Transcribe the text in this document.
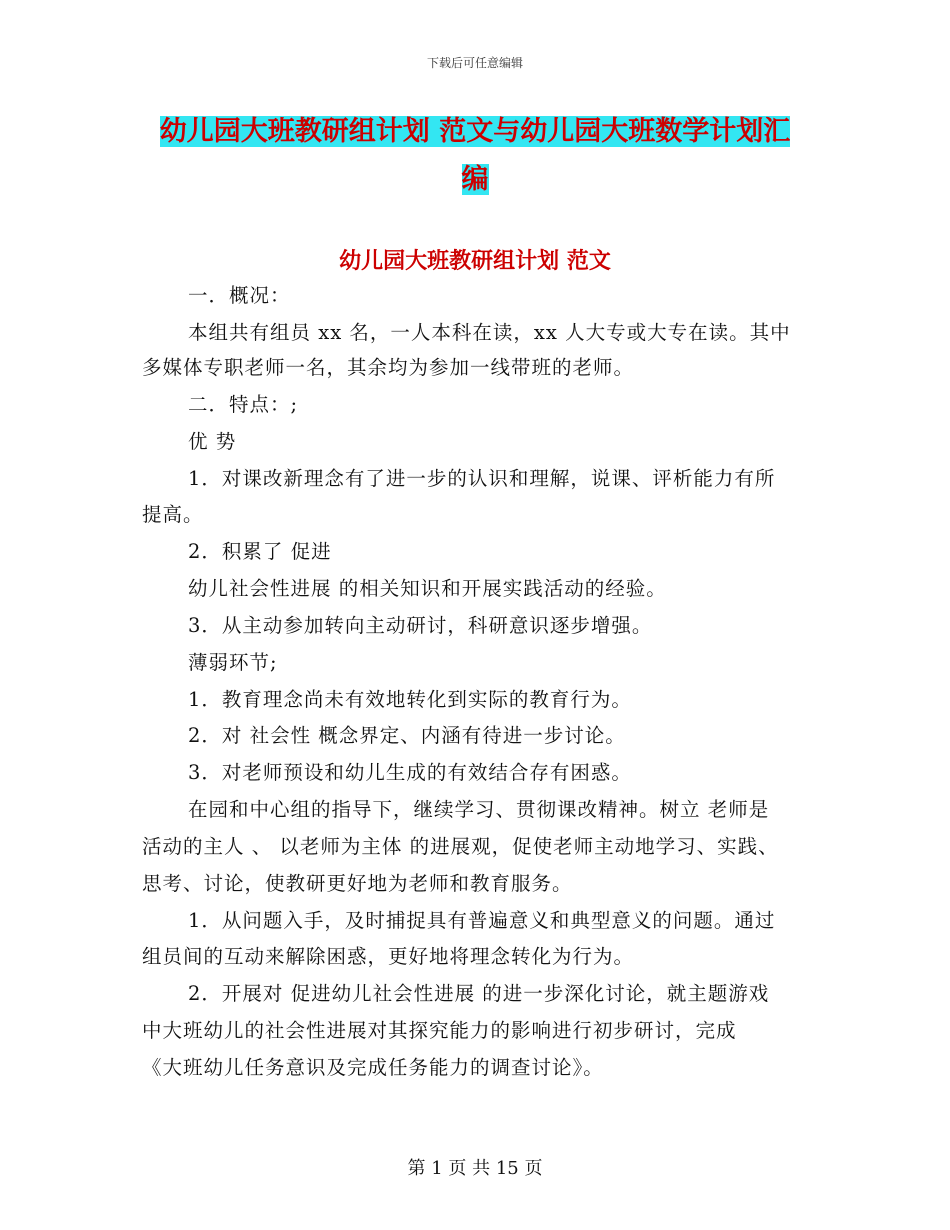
下载后可任意编辑
幼儿园大班教研组计划 范文与幼儿园大班数学计划汇
编
幼儿园大班教研组计划 范文
一．概况：
本组共有组员 xx 名，一人本科在读，xx 人大专或大专在读。其中
多媒体专职老师一名，其余均为参加一线带班的老师。
二．特点：;
优 势
1．对课改新理念有了进一步的认识和理解，说课、评析能力有所
提高。
2．积累了 促进
幼儿社会性进展 的相关知识和开展实践活动的经验。
3．从主动参加转向主动研讨，科研意识逐步增强。
薄弱环节;
1．教育理念尚未有效地转化到实际的教育行为。
2．对 社会性 概念界定、内涵有待进一步讨论。
3．对老师预设和幼儿生成的有效结合存有困惑。
在园和中心组的指导下，继续学习、贯彻课改精神。树立 老师是
活动的主人 、 以老师为主体 的进展观，促使老师主动地学习、实践、
思考、讨论，使教研更好地为老师和教育服务。
1．从问题入手，及时捕捉具有普遍意义和典型意义的问题。通过
组员间的互动来解除困惑，更好地将理念转化为行为。
2．开展对 促进幼儿社会性进展 的进一步深化讨论，就主题游戏
中大班幼儿的社会性进展对其探究能力的影响进行初步研讨，完成
《大班幼儿任务意识及完成任务能力的调查讨论》。
第 1 页 共 15 页
